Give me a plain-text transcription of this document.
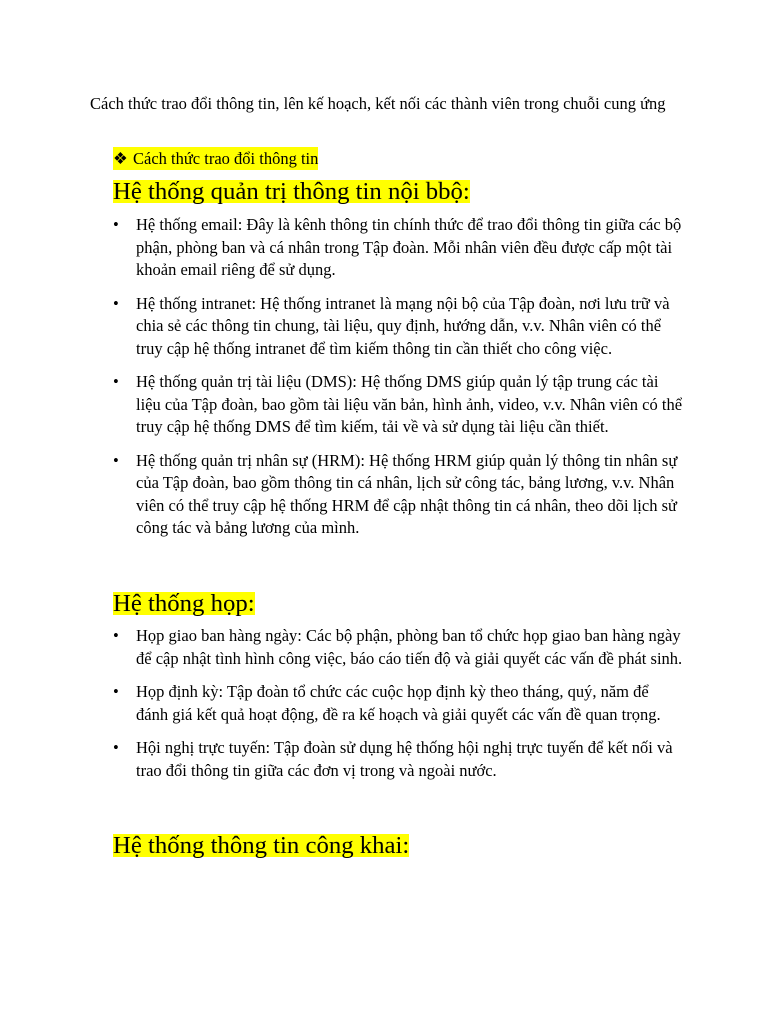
Cách thức trao đổi thông tin, lên kế hoạch, kết nối các thành viên trong chuỗi cung ứng

❖ Cách thức trao đổi thông tin
Hệ thống quản trị thông tin nội bbộ:
• Hệ thống email: Đây là kênh thông tin chính thức để trao đổi thông tin giữa các bộ phận, phòng ban và cá nhân trong Tập đoàn. Mỗi nhân viên đều được cấp một tài khoản email riêng để sử dụng.
• Hệ thống intranet: Hệ thống intranet là mạng nội bộ của Tập đoàn, nơi lưu trữ và chia sẻ các thông tin chung, tài liệu, quy định, hướng dẫn, v.v. Nhân viên có thể truy cập hệ thống intranet để tìm kiếm thông tin cần thiết cho công việc.
• Hệ thống quản trị tài liệu (DMS): Hệ thống DMS giúp quản lý tập trung các tài liệu của Tập đoàn, bao gồm tài liệu văn bản, hình ảnh, video, v.v. Nhân viên có thể truy cập hệ thống DMS để tìm kiếm, tải về và sử dụng tài liệu cần thiết.
• Hệ thống quản trị nhân sự (HRM): Hệ thống HRM giúp quản lý thông tin nhân sự của Tập đoàn, bao gồm thông tin cá nhân, lịch sử công tác, bảng lương, v.v. Nhân viên có thể truy cập hệ thống HRM để cập nhật thông tin cá nhân, theo dõi lịch sử công tác và bảng lương của mình.
Hệ thống họp:
• Họp giao ban hàng ngày: Các bộ phận, phòng ban tổ chức họp giao ban hàng ngày để cập nhật tình hình công việc, báo cáo tiến độ và giải quyết các vấn đề phát sinh.
• Họp định kỳ: Tập đoàn tổ chức các cuộc họp định kỳ theo tháng, quý, năm để đánh giá kết quả hoạt động, đề ra kế hoạch và giải quyết các vấn đề quan trọng.
• Hội nghị trực tuyến: Tập đoàn sử dụng hệ thống hội nghị trực tuyến để kết nối và trao đổi thông tin giữa các đơn vị trong và ngoài nước.
Hệ thống thông tin công khai:
